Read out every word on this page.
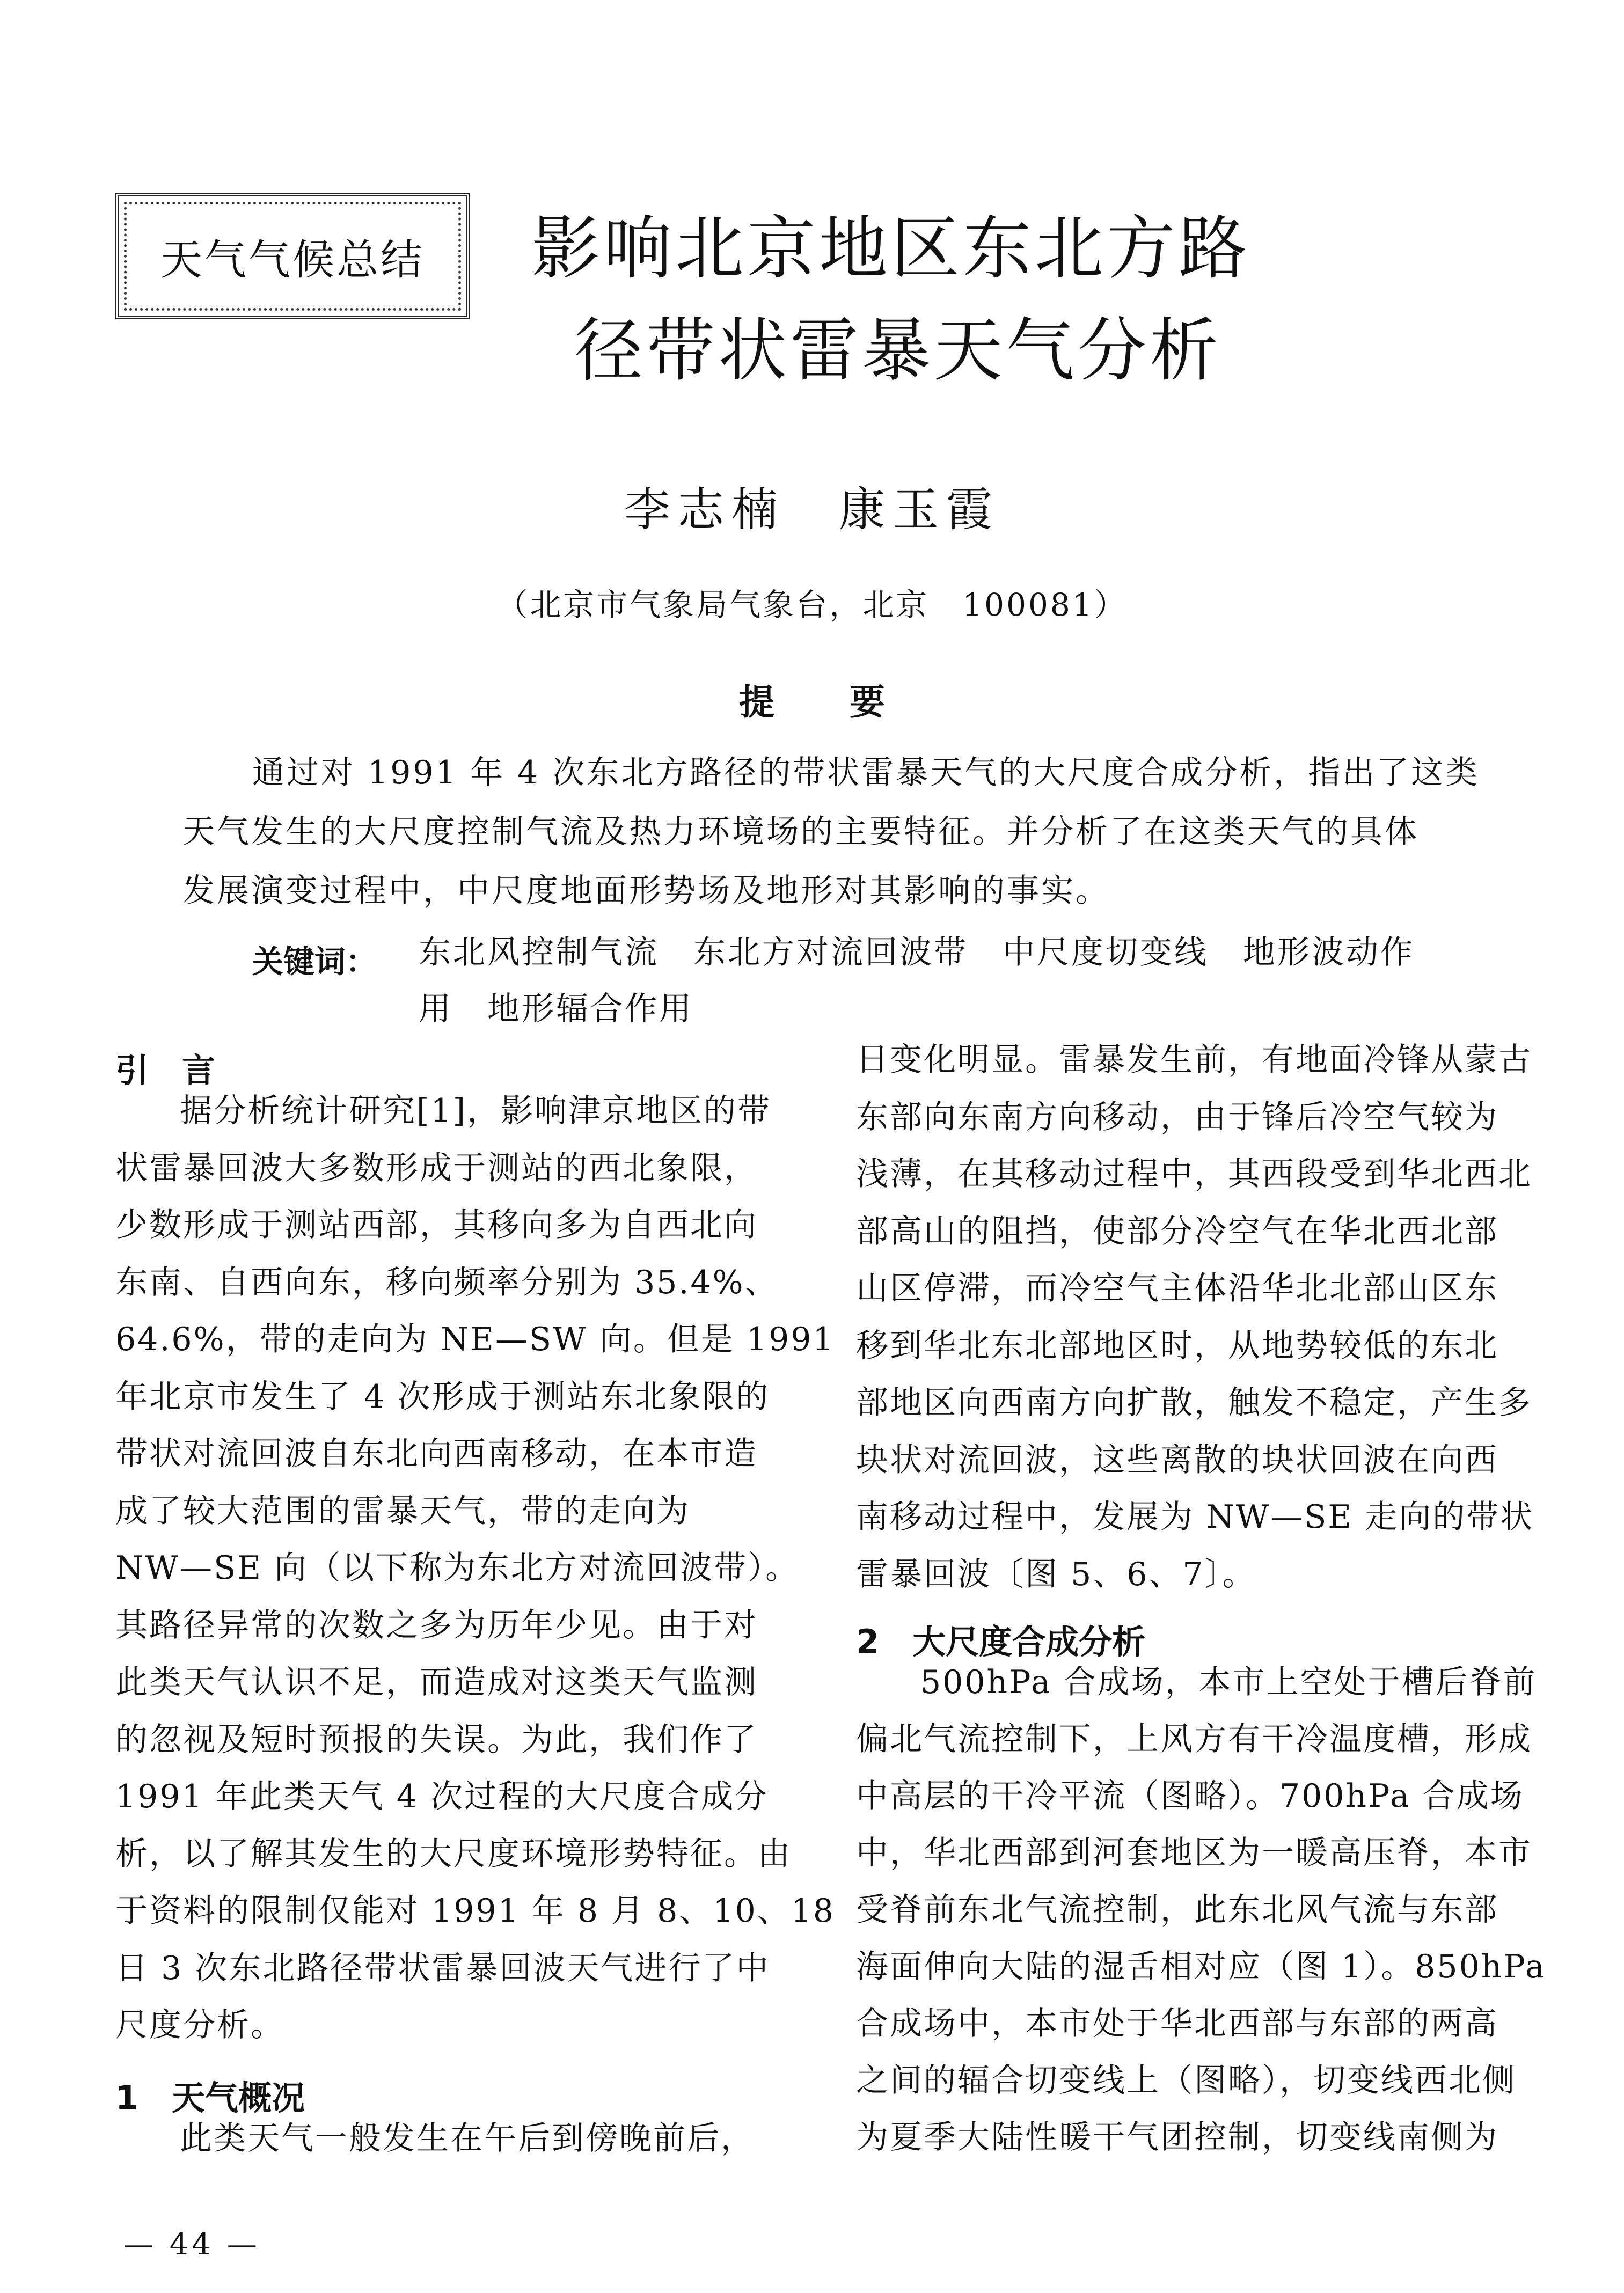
天气气候总结 影响北京地区东北方路
径带状雷暴天气分析
李志楠　康玉霞
（北京市气象局气象台，北京　100081）
提要
通过对 1991 年 4 次东北方路径的带状雷暴天气的大尺度合成分析，指出了这类
天气发生的大尺度控制气流及热力环境场的主要特征。并分析了在这类天气的具体
发展演变过程中，中尺度地面形势场及地形对其影响的事实。
关键词： 东北风控制气流　东北方对流回波带　中尺度切变线　地形波动作
用　地形辐合作用
引　言
据分析统计研究[1]，影响津京地区的带
状雷暴回波大多数形成于测站的西北象限，
少数形成于测站西部，其移向多为自西北向
东南、自西向东，移向频率分别为 35.4%、
64.6%，带的走向为 NE—SW 向。但是 1991
年北京市发生了 4 次形成于测站东北象限的
带状对流回波自东北向西南移动，在本市造
成了较大范围的雷暴天气，带的走向为
NW—SE 向（以下称为东北方对流回波带）。
其路径异常的次数之多为历年少见。由于对
此类天气认识不足，而造成对这类天气监测
的忽视及短时预报的失误。为此，我们作了
1991 年此类天气 4 次过程的大尺度合成分
析，以了解其发生的大尺度环境形势特征。由
于资料的限制仅能对 1991 年 8 月 8、10、18
日 3 次东北路径带状雷暴回波天气进行了中
尺度分析。
1　天气概况
此类天气一般发生在午后到傍晚前后，
日变化明显。雷暴发生前，有地面冷锋从蒙古
东部向东南方向移动，由于锋后冷空气较为
浅薄，在其移动过程中，其西段受到华北西北
部高山的阻挡，使部分冷空气在华北西北部
山区停滞，而冷空气主体沿华北北部山区东
移到华北东北部地区时，从地势较低的东北
部地区向西南方向扩散，触发不稳定，产生多
块状对流回波，这些离散的块状回波在向西
南移动过程中，发展为 NW—SE 走向的带状
雷暴回波〔图 5、6、7〕。
2　大尺度合成分析
500hPa 合成场，本市上空处于槽后脊前
偏北气流控制下，上风方有干冷温度槽，形成
中高层的干冷平流（图略）。700hPa 合成场
中，华北西部到河套地区为一暖高压脊，本市
受脊前东北气流控制，此东北风气流与东部
海面伸向大陆的湿舌相对应（图 1）。850hPa
合成场中，本市处于华北西部与东部的两高
之间的辐合切变线上（图略），切变线西北侧
为夏季大陆性暖干气团控制，切变线南侧为
— 44 —
